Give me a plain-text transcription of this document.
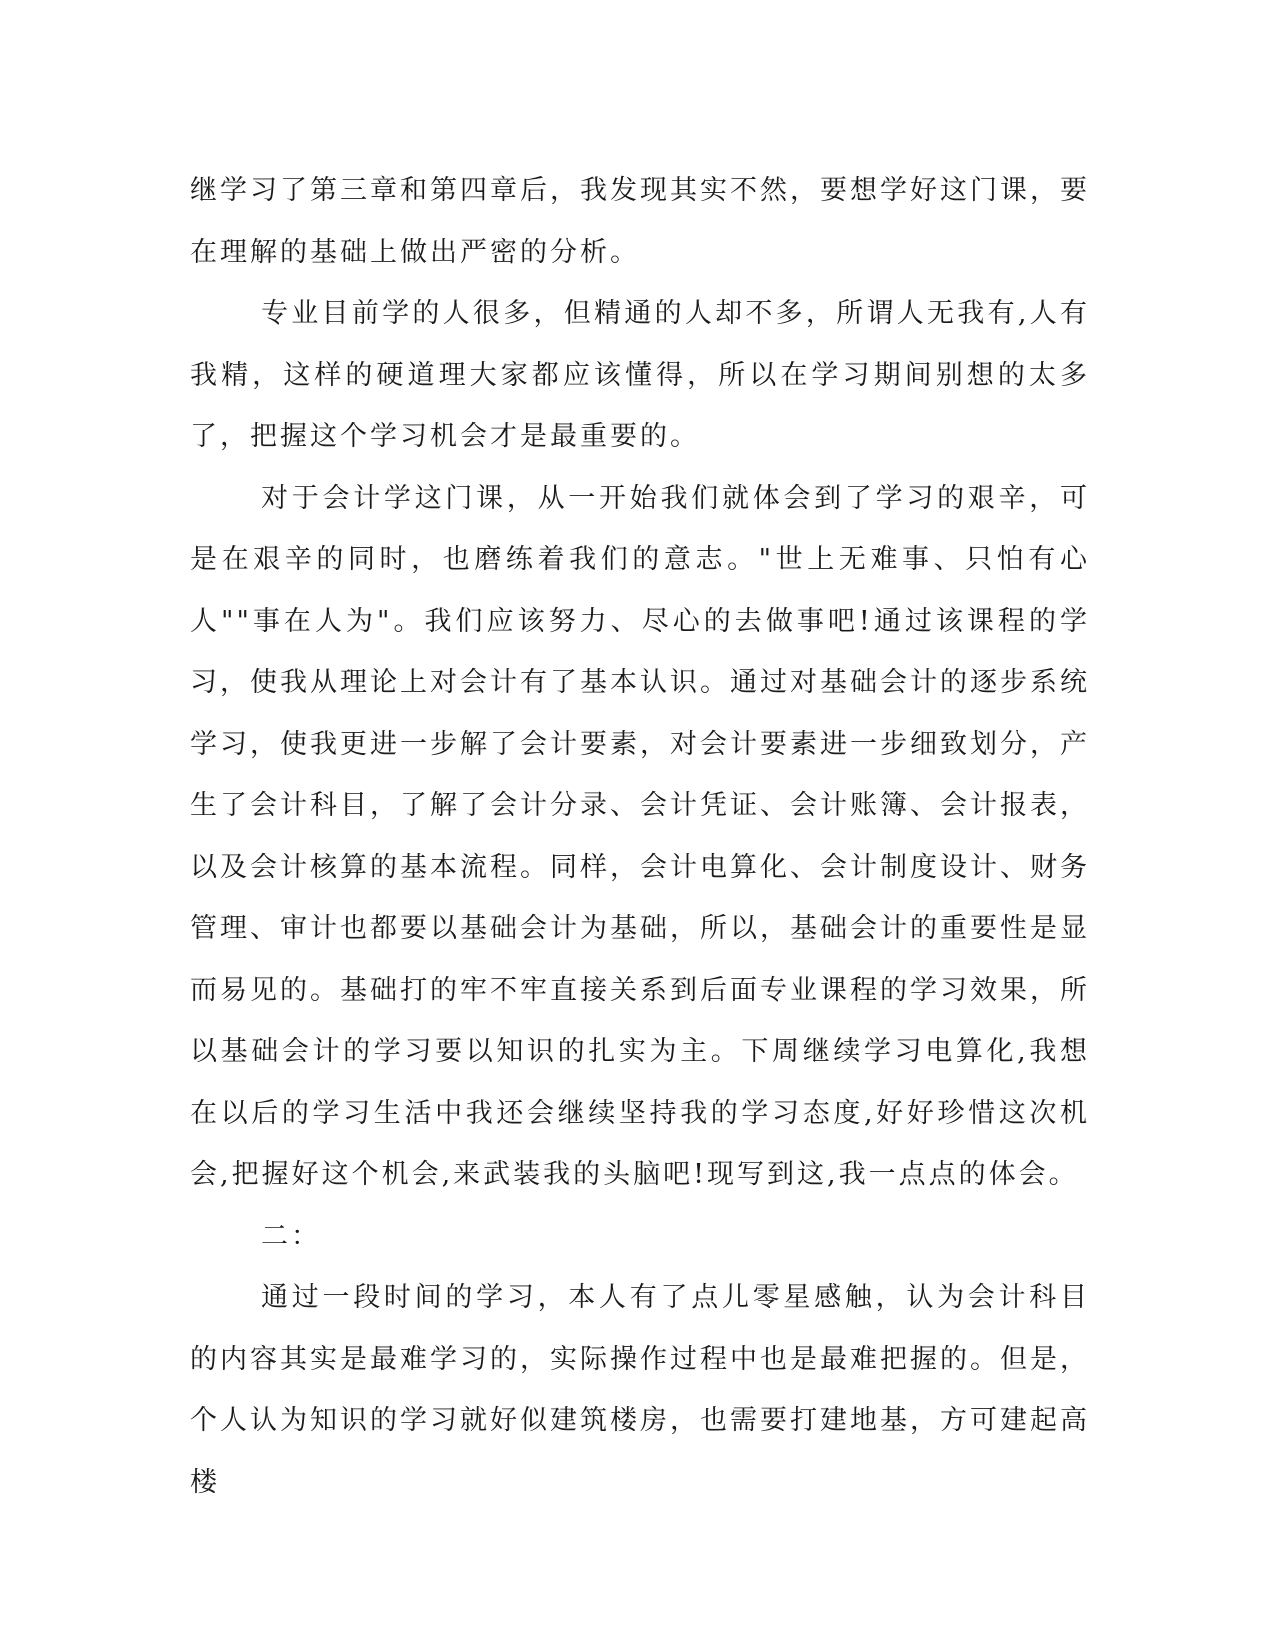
继学习了第三章和第四章后，我发现其实不然，要想学好这门课，要在理解的基础上做出严密的分析。

专业目前学的人很多，但精通的人却不多，所谓人无我有,人有我精，这样的硬道理大家都应该懂得，所以在学习期间别想的太多了，把握这个学习机会才是最重要的。

对于会计学这门课，从一开始我们就体会到了学习的艰辛，可是在艰辛的同时，也磨练着我们的意志。"世上无难事、只怕有心人""事在人为"。我们应该努力、尽心的去做事吧!通过该课程的学习，使我从理论上对会计有了基本认识。通过对基础会计的逐步系统学习，使我更进一步解了会计要素，对会计要素进一步细致划分，产生了会计科目，了解了会计分录、会计凭证、会计账簿、会计报表，以及会计核算的基本流程。同样，会计电算化、会计制度设计、财务管理、审计也都要以基础会计为基础，所以，基础会计的重要性是显而易见的。基础打的牢不牢直接关系到后面专业课程的学习效果，所以基础会计的学习要以知识的扎实为主。下周继续学习电算化,我想在以后的学习生活中我还会继续坚持我的学习态度,好好珍惜这次机会,把握好这个机会,来武装我的头脑吧!现写到这,我一点点的体会。

二：

通过一段时间的学习，本人有了点儿零星感触，认为会计科目的内容其实是最难学习的，实际操作过程中也是最难把握的。但是，个人认为知识的学习就好似建筑楼房，也需要打建地基，方可建起高楼
